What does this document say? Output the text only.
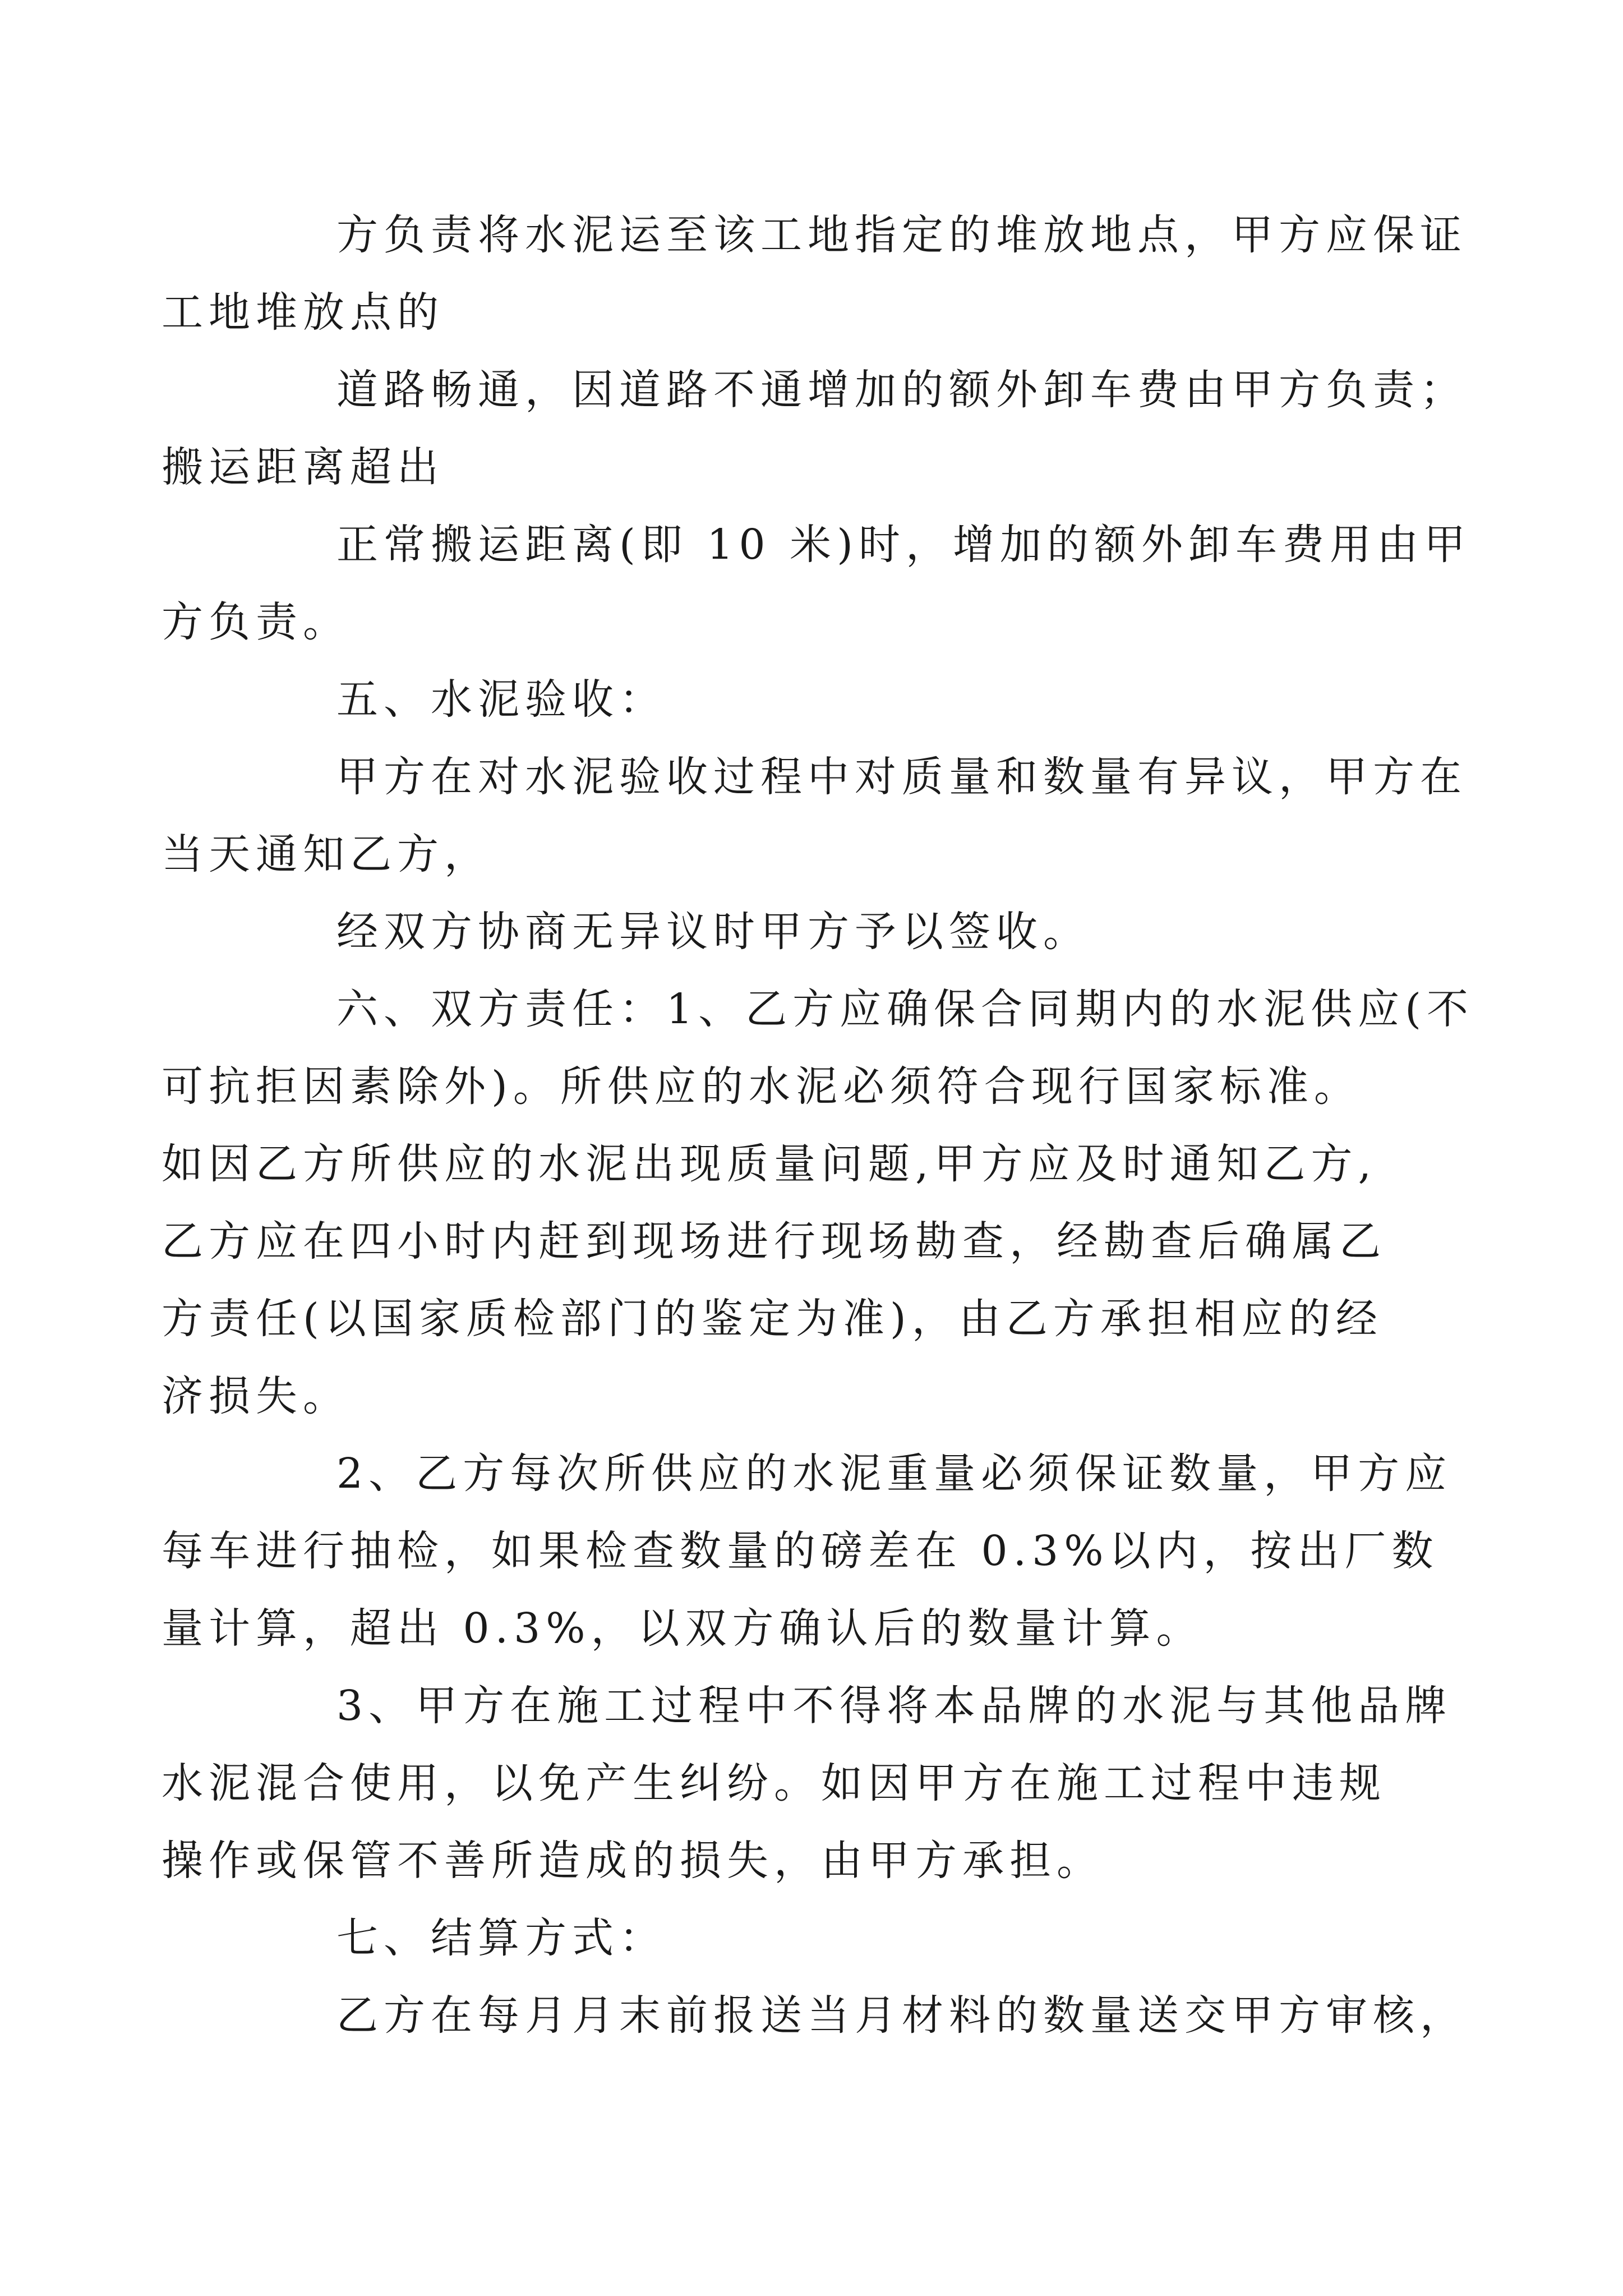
方负责将水泥运至该工地指定的堆放地点，甲方应保证
工地堆放点的

道路畅通，因道路不通增加的额外卸车费由甲方负责；
搬运距离超出

正常搬运距离(即 10 米)时，增加的额外卸车费用由甲
方负责。

五、水泥验收：

甲方在对水泥验收过程中对质量和数量有异议，甲方在
当天通知乙方，

经双方协商无异议时甲方予以签收。

六、双方责任：1、乙方应确保合同期内的水泥供应(不
可抗拒因素除外)。所供应的水泥必须符合现行国家标准。
如因乙方所供应的水泥出现质量问题,甲方应及时通知乙方,
乙方应在四小时内赶到现场进行现场勘查，经勘查后确属乙
方责任(以国家质检部门的鉴定为准)，由乙方承担相应的经
济损失。

2、乙方每次所供应的水泥重量必须保证数量，甲方应
每车进行抽检，如果检查数量的磅差在 0.3%以内，按出厂数
量计算，超出 0.3%，以双方确认后的数量计算。

3、甲方在施工过程中不得将本品牌的水泥与其他品牌
水泥混合使用，以免产生纠纷。如因甲方在施工过程中违规
操作或保管不善所造成的损失，由甲方承担。

七、结算方式：

乙方在每月月末前报送当月材料的数量送交甲方审核，
